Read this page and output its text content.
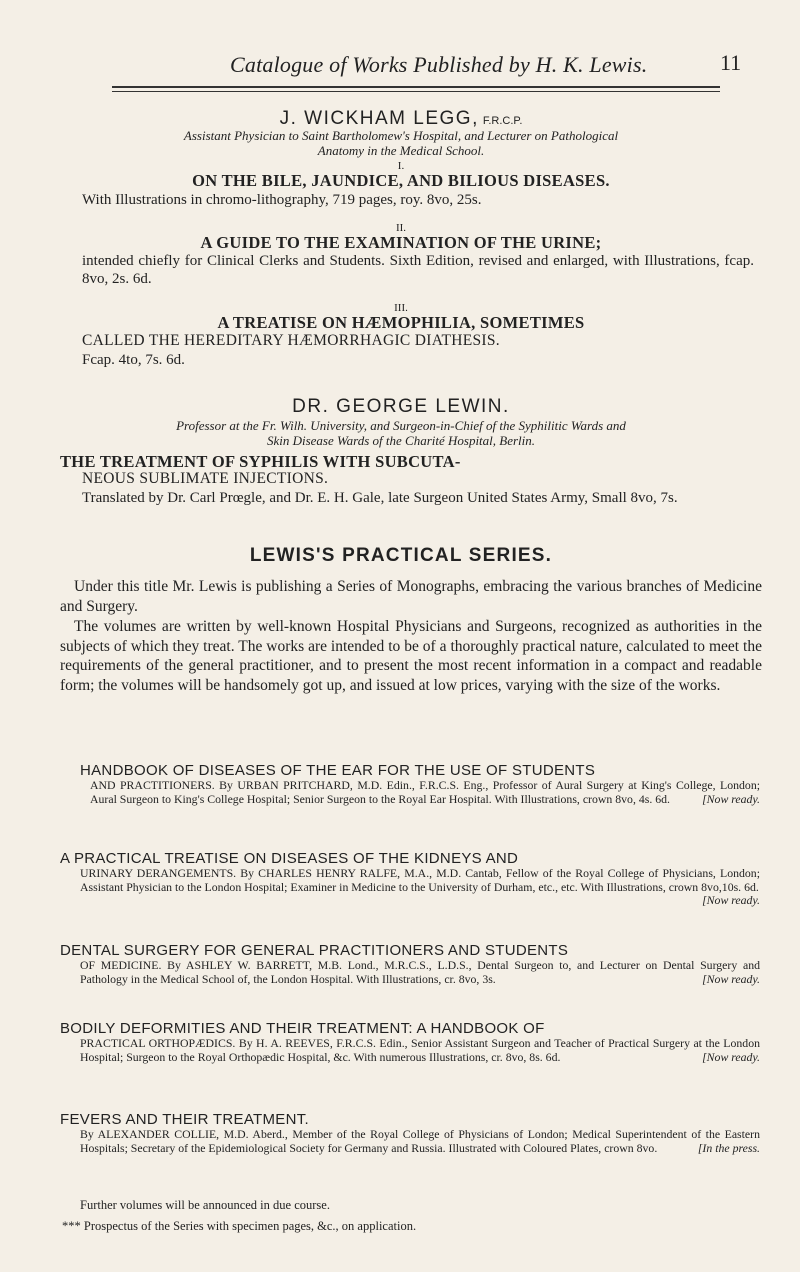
Catalogue of Works Published by H. K. Lewis.	11
J. WICKHAM LEGG, F.R.C.P.
Assistant Physician to Saint Bartholomew's Hospital, and Lecturer on Pathological
Anatomy in the Medical School.
I.
ON THE BILE, JAUNDICE, AND BILIOUS DISEASES.
With Illustrations in chromo-lithography, 719 pages, roy. 8vo, 25s.
II.
A GUIDE TO THE EXAMINATION OF THE URINE;
intended chiefly for Clinical Clerks and Students. Sixth Edition, revised and enlarged, with Illustrations, fcap. 8vo, 2s. 6d.
III.
A TREATISE ON HÆMOPHILIA, SOMETIMES
CALLED THE HEREDITARY HÆMORRHAGIC DIATHESIS.
Fcap. 4to, 7s. 6d.
DR. GEORGE LEWIN.
Professor at the Fr. Wilh. University, and Surgeon-in-Chief of the Syphilitic Wards and
Skin Disease Wards of the Charité Hospital, Berlin.
THE TREATMENT OF SYPHILIS WITH SUBCUTA-
NEOUS SUBLIMATE INJECTIONS.
Translated by Dr. Carl Prœgle, and Dr. E. H. Gale, late Surgeon United States Army, Small 8vo, 7s.
LEWIS'S PRACTICAL SERIES.
Under this title Mr. Lewis is publishing a Series of Monographs, embracing the various branches of Medicine and Surgery.
The volumes are written by well-known Hospital Physicians and Surgeons, recognized as authorities in the subjects of which they treat. The works are intended to be of a thoroughly practical nature, calculated to meet the requirements of the general practitioner, and to present the most recent information in a compact and readable form; the volumes will be handsomely got up, and issued at low prices, varying with the size of the works.
HANDBOOK OF DISEASES OF THE EAR FOR THE USE OF STUDENTS
AND PRACTITIONERS. By URBAN PRITCHARD, M.D. Edin., F.R.C.S. Eng., Professor of Aural Surgery at King's College, London; Aural Surgeon to King's College Hospital; Senior Surgeon to the Royal Ear Hospital. With Illustrations, crown 8vo, 4s. 6d.	[Now ready.
A PRACTICAL TREATISE ON DISEASES OF THE KIDNEYS AND
URINARY DERANGEMENTS. By CHARLES HENRY RALFE, M.A., M.D. Cantab, Fellow of the Royal College of Physicians, London; Assistant Physician to the London Hospital; Examiner in Medicine to the University of Durham, etc., etc. With Illustrations, crown 8vo,10s. 6d.
[Now ready.
DENTAL SURGERY FOR GENERAL PRACTITIONERS AND STUDENTS
OF MEDICINE. By ASHLEY W. BARRETT, M.B. Lond., M.R.C.S., L.D.S., Dental Surgeon to, and Lecturer on Dental Surgery and Pathology in the Medical School of, the London Hospital. With Illustrations, cr. 8vo, 3s.	[Now ready.
BODILY DEFORMITIES AND THEIR TREATMENT: A HANDBOOK OF
PRACTICAL ORTHOPÆDICS. By H. A. REEVES, F.R.C.S. Edin., Senior Assistant Surgeon and Teacher of Practical Surgery at the London Hospital; Surgeon to the Royal Orthopædic Hospital, &c. With numerous Illustrations, cr. 8vo, 8s. 6d.	[Now ready.
FEVERS AND THEIR TREATMENT.
By ALEXANDER COLLIE, M.D. Aberd., Member of the Royal College of Physicians of London; Medical Superintendent of the Eastern Hospitals; Secretary of the Epidemiological Society for Germany and Russia. Illustrated with Coloured Plates, crown 8vo.	[In the press.
Further volumes will be announced in due course.
*** Prospectus of the Series with specimen pages, &c., on application.
